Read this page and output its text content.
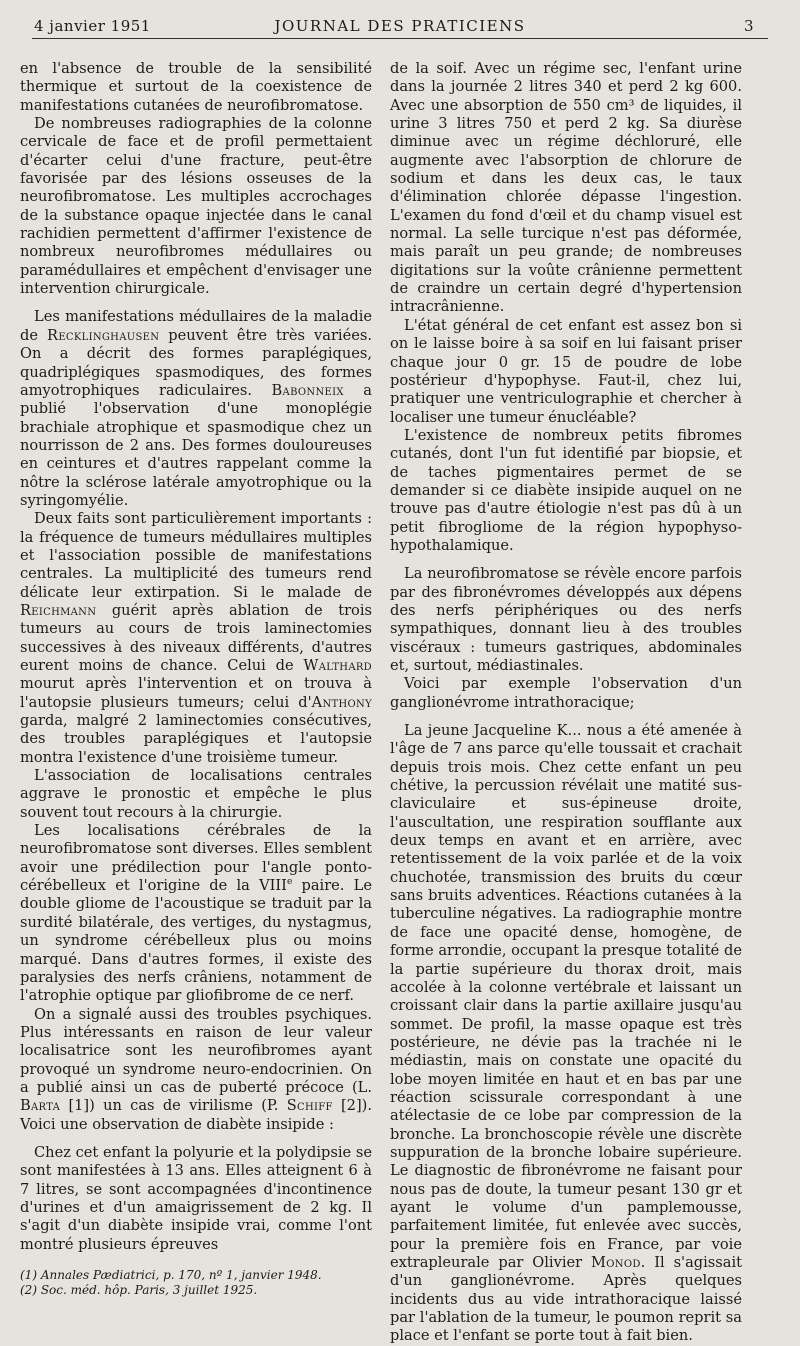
4 janvier 1951	JOURNAL DES PRATICIENS	3

en l'absence de trouble de la sensibilité thermique et surtout de la coexistence de manifestations cutanées de neurofibromatose.

De nombreuses radiographies de la colonne cervicale de face et de profil permettaient d'écarter celui d'une fracture, peut-être favorisée par des lésions osseuses de la neurofibromatose. Les multiples accrochages de la substance opaque injectée dans le canal rachidien permettent d'affirmer l'existence de nombreux neurofibromes médullaires ou paramédullaires et empêchent d'envisager une intervention chirurgicale.

Les manifestations médullaires de la maladie de Recklinghausen peuvent être très variées. On a décrit des formes paraplégiques, quadriplégiques spasmodiques, des formes amyotrophiques radiculaires. Babonneix a publié l'observation d'une monoplégie brachiale atrophique et spasmodique chez un nourrisson de 2 ans. Des formes douloureuses en ceintures et d'autres rappelant comme la nôtre la sclérose latérale amyotrophique ou la syringomyélie.

Deux faits sont particulièrement importants : la fréquence de tumeurs médullaires multiples et l'association possible de manifestations centrales. La multiplicité des tumeurs rend délicate leur extirpation. Si le malade de Reichmann guérit après ablation de trois tumeurs au cours de trois laminectomies successives à des niveaux différents, d'autres eurent moins de chance. Celui de Walthard mourut après l'intervention et on trouva à l'autopsie plusieurs tumeurs; celui d'Anthony garda, malgré 2 laminectomies consécutives, des troubles paraplégiques et l'autopsie montra l'existence d'une troisième tumeur.

L'association de localisations centrales aggrave le pronostic et empêche le plus souvent tout recours à la chirurgie.

Les localisations cérébrales de la neurofibromatose sont diverses. Elles semblent avoir une prédilection pour l'angle ponto-cérébelleux et l'origine de la VIIIe paire. Le double gliome de l'acoustique se traduit par la surdité bilatérale, des vertiges, du nystagmus, un syndrome cérébelleux plus ou moins marqué. Dans d'autres formes, il existe des paralysies des nerfs crâniens, notamment de l'atrophie optique par gliofibrome de ce nerf.

On a signalé aussi des troubles psychiques. Plus intéressants en raison de leur valeur localisatrice sont les neurofibromes ayant provoqué un syndrome neuro-endocrinien. On a publié ainsi un cas de puberté précoce (L. Barta [1]) un cas de virilisme (P. Schiff [2]). Voici une observation de diabète insipide :

Chez cet enfant la polyurie et la polydipsie se sont manifestées à 13 ans. Elles atteignent 6 à 7 litres, se sont accompagnées d'incontinence d'urines et d'un amaigrissement de 2 kg. Il s'agit d'un diabète insipide vrai, comme l'ont montré plusieurs épreuves

(1) Annales Pædiatrici, p. 170, nº 1, janvier 1948.
(2) Soc. méd. hôp. Paris, 3 juillet 1925.

de la soif. Avec un régime sec, l'enfant urine dans la journée 2 litres 340 et perd 2 kg 600. Avec une absorption de 550 cm³ de liquides, il urine 3 litres 750 et perd 2 kg. Sa diurèse diminue avec un régime déchloruré, elle augmente avec l'absorption de chlorure de sodium et dans les deux cas, le taux d'élimination chlorée dépasse l'ingestion. L'examen du fond d'œil et du champ visuel est normal. La selle turcique n'est pas déformée, mais paraît un peu grande; de nombreuses digitations sur la voûte crânienne permettent de craindre un certain degré d'hypertension intracrânienne.

L'état général de cet enfant est assez bon si on le laisse boire à sa soif en lui faisant priser chaque jour 0 gr. 15 de poudre de lobe postérieur d'hypophyse. Faut-il, chez lui, pratiquer une ventriculographie et chercher à localiser une tumeur énucléable?

L'existence de nombreux petits fibromes cutanés, dont l'un fut identifié par biopsie, et de taches pigmentaires permet de se demander si ce diabète insipide auquel on ne trouve pas d'autre étiologie n'est pas dû à un petit fibrogliome de la région hypophyso-hypothalamique.

La neurofibromatose se révèle encore parfois par des fibronévromes développés aux dépens des nerfs périphériques ou des nerfs sympathiques, donnant lieu à des troubles viscéraux : tumeurs gastriques, abdominales et, surtout, médiastinales.

Voici par exemple l'observation d'un ganglionévrome intrathoracique;

La jeune Jacqueline K... nous a été amenée à l'âge de 7 ans parce qu'elle toussait et crachait depuis trois mois. Chez cette enfant un peu chétive, la percussion révélait une matité sus-claviculaire et sus-épineuse droite, l'auscultation, une respiration soufflante aux deux temps en avant et en arrière, avec retentissement de la voix parlée et de la voix chuchotée, transmission des bruits du cœur sans bruits adventices. Réactions cutanées à la tuberculine négatives. La radiographie montre de face une opacité dense, homogène, de forme arrondie, occupant la presque totalité de la partie supérieure du thorax droit, mais accolée à la colonne vertébrale et laissant un croissant clair dans la partie axillaire jusqu'au sommet. De profil, la masse opaque est très postérieure, ne dévie pas la trachée ni le médiastin, mais on constate une opacité du lobe moyen limitée en haut et en bas par une réaction scissurale correspondant à une atélectasie de ce lobe par compression de la bronche. La bronchoscopie révèle une discrète suppuration de la bronche lobaire supérieure. Le diagnostic de fibronévrome ne faisant pour nous pas de doute, la tumeur pesant 130 gr et ayant le volume d'un pamplemousse, parfaitement limitée, fut enlevée avec succès, pour la première fois en France, par voie extrapleurale par Olivier Monod. Il s'agissait d'un ganglionévrome. Après quelques incidents dus au vide intrathoracique laissé par l'ablation de la tumeur, le poumon reprit sa place et l'enfant se porte tout à fait bien.
